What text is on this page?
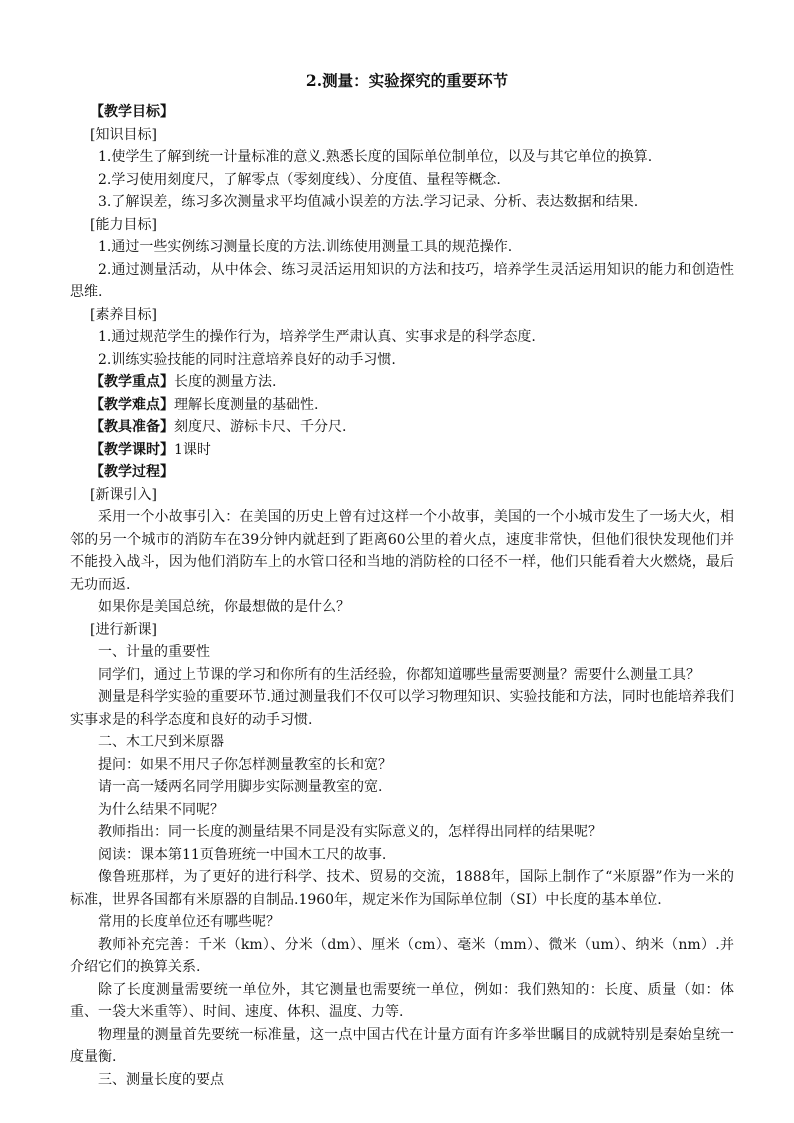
2.测量：实验探究的重要环节

【教学目标】

[知识目标]

1.使学生了解到统一计量标准的意义.熟悉长度的国际单位制单位，以及与其它单位的换算.

2.学习使用刻度尺，了解零点（零刻度线）、分度值、量程等概念.

3.了解误差，练习多次测量求平均值减小误差的方法.学习记录、分析、表达数据和结果.

[能力目标]

1.通过一些实例练习测量长度的方法.训练使用测量工具的规范操作.

2.通过测量活动，从中体会、练习灵活运用知识的方法和技巧，培养学生灵活运用知识的能力和创造性思维.

[素养目标]

1.通过规范学生的操作行为，培养学生严肃认真、实事求是的科学态度.

2.训练实验技能的同时注意培养良好的动手习惯.

【教学重点】长度的测量方法.

【教学难点】理解长度测量的基础性.

【教具准备】刻度尺、游标卡尺、千分尺.

【教学课时】1课时

【教学过程】

[新课引入]

采用一个小故事引入：在美国的历史上曾有过这样一个小故事，美国的一个小城市发生了一场大火，相邻的另一个城市的消防车在39分钟内就赶到了距离60公里的着火点，速度非常快，但他们很快发现他们并不能投入战斗，因为他们消防车上的水管口径和当地的消防栓的口径不一样，他们只能看着大火燃烧，最后无功而返.

如果你是美国总统，你最想做的是什么？

[进行新课]

一、计量的重要性

同学们，通过上节课的学习和你所有的生活经验，你都知道哪些量需要测量？需要什么测量工具？

测量是科学实验的重要环节.通过测量我们不仅可以学习物理知识、实验技能和方法，同时也能培养我们实事求是的科学态度和良好的动手习惯.

二、木工尺到米原器

提问：如果不用尺子你怎样测量教室的长和宽？

请一高一矮两名同学用脚步实际测量教室的宽.

为什么结果不同呢？

教师指出：同一长度的测量结果不同是没有实际意义的，怎样得出同样的结果呢？

阅读：课本第11页鲁班统一中国木工尺的故事.

像鲁班那样，为了更好的进行科学、技术、贸易的交流，1888年，国际上制作了“米原器”作为一米的标准，世界各国都有米原器的自制品.1960年，规定米作为国际单位制（SI）中长度的基本单位.

常用的长度单位还有哪些呢？

教师补充完善：千米（km）、分米（dm）、厘米（cm）、毫米（mm）、微米（um）、纳米（nm）.并介绍它们的换算关系.

除了长度测量需要统一单位外，其它测量也需要统一单位，例如：我们熟知的：长度、质量（如：体重、一袋大米重等）、时间、速度、体积、温度、力等.

物理量的测量首先要统一标准量，这一点中国古代在计量方面有许多举世瞩目的成就特别是秦始皇统一度量衡.

三、测量长度的要点
